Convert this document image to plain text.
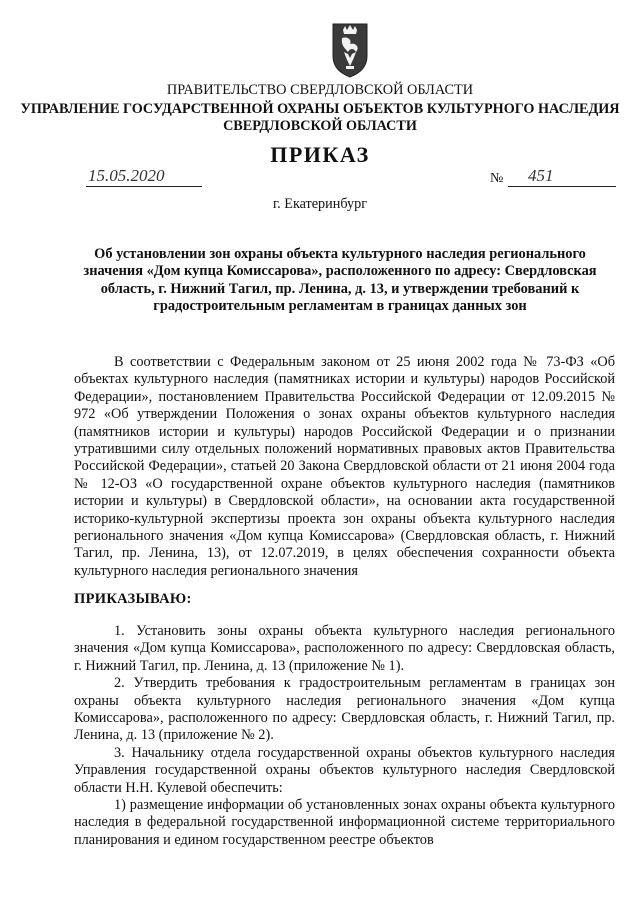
ПРАВИТЕЛЬСТВО СВЕРДЛОВСКОЙ ОБЛАСТИ
УПРАВЛЕНИЕ ГОСУДАРСТВЕННОЙ ОХРАНЫ ОБЪЕКТОВ КУЛЬТУРНОГО НАСЛЕДИЯ
СВЕРДЛОВСКОЙ ОБЛАСТИ
ПРИКАЗ
15.05.2020	№	451
г. Екатеринбург
Об установлении зон охраны объекта культурного наследия регионального значения «Дом купца Комиссарова», расположенного по адресу: Свердловская область, г. Нижний Тагил, пр. Ленина, д. 13, и утверждении требований к градостроительным регламентам в границах данных зон
В соответствии с Федеральным законом от 25 июня 2002 года № 73-ФЗ «Об объектах культурного наследия (памятниках истории и культуры) народов Российской Федерации», постановлением Правительства Российской Федерации от 12.09.2015 № 972 «Об утверждении Положения о зонах охраны объектов культурного наследия (памятников истории и культуры) народов Российской Федерации и о признании утратившими силу отдельных положений нормативных правовых актов Правительства Российской Федерации», статьей 20 Закона Свердловской области от 21 июня 2004 года № 12-ОЗ «О государственной охране объектов культурного наследия (памятников истории и культуры) в Свердловской области», на основании акта государственной историко-культурной экспертизы проекта зон охраны объекта культурного наследия регионального значения «Дом купца Комиссарова» (Свердловская область, г. Нижний Тагил, пр. Ленина, 13), от 12.07.2019, в целях обеспечения сохранности объекта культурного наследия регионального значения
ПРИКАЗЫВАЮ:

1. Установить зоны охраны объекта культурного наследия регионального значения «Дом купца Комиссарова», расположенного по адресу: Свердловская область, г. Нижний Тагил, пр. Ленина, д. 13 (приложение № 1).

2. Утвердить требования к градостроительным регламентам в границах зон охраны объекта культурного наследия регионального значения «Дом купца Комиссарова», расположенного по адресу: Свердловская область, г. Нижний Тагил, пр. Ленина, д. 13 (приложение № 2).

3. Начальнику отдела государственной охраны объектов культурного наследия Управления государственной охраны объектов культурного наследия Свердловской области Н.Н. Кулевой обеспечить:

1) размещение информации об установленных зонах охраны объекта культурного наследия в федеральной государственной информационной системе территориального планирования и едином государственном реестре объектов
